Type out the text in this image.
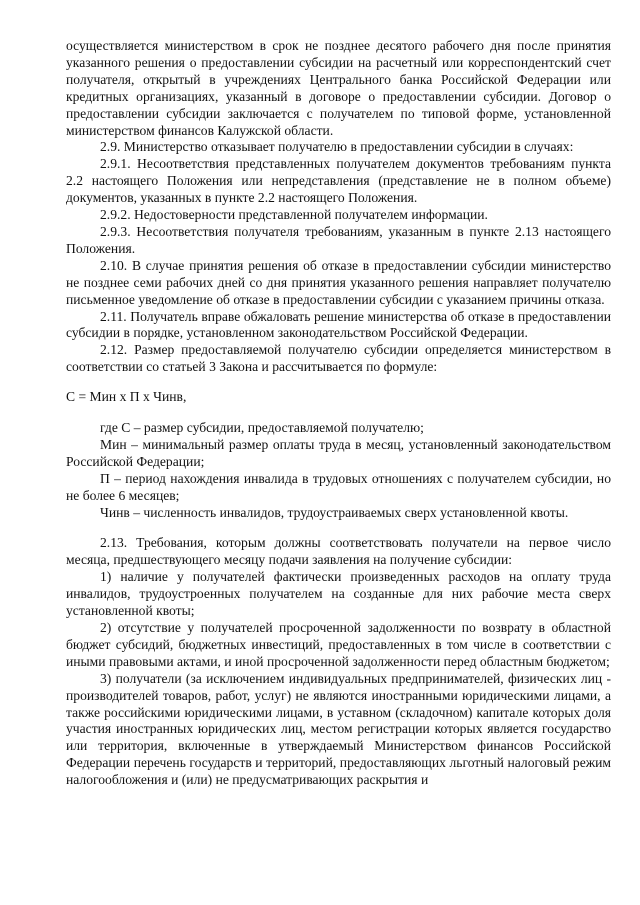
осуществляется министерством в срок не позднее десятого рабочего дня после принятия указанного решения о предоставлении субсидии на расчетный или корреспондентский счет получателя, открытый в учреждениях Центрального банка Российской Федерации или кредитных организациях, указанный в договоре о предоставлении субсидии. Договор о предоставлении субсидии заключается с получателем по типовой форме, установленной министерством финансов Калужской области.

2.9. Министерство отказывает получателю в предоставлении субсидии в случаях:

2.9.1. Несоответствия представленных получателем документов требованиям пункта 2.2 настоящего Положения или непредставления (представление не в полном объеме) документов, указанных в пункте 2.2 настоящего Положения.

2.9.2. Недостоверности представленной получателем информации.

2.9.3. Несоответствия получателя требованиям, указанным в пункте 2.13 настоящего Положения.

2.10. В случае принятия решения об отказе в предоставлении субсидии министерство не позднее семи рабочих дней со дня принятия указанного решения направляет получателю письменное уведомление об отказе в предоставлении субсидии с указанием причины отказа.

2.11. Получатель вправе обжаловать решение министерства об отказе в предоставлении субсидии в порядке, установленном законодательством Российской Федерации.

2.12. Размер предоставляемой получателю субсидии определяется министерством в соответствии со статьей 3 Закона и рассчитывается по формуле:

С = Мин х П х Чинв,

где С – размер субсидии, предоставляемой получателю;

Мин – минимальный размер оплаты труда в месяц, установленный законодательством Российской Федерации;

П – период нахождения инвалида в трудовых отношениях с получателем субсидии, но не более 6 месяцев;

Чинв – численность инвалидов, трудоустраиваемых сверх установленной квоты.

2.13. Требования, которым должны соответствовать получатели на первое число месяца, предшествующего месяцу подачи заявления на получение субсидии:

1) наличие у получателей фактически произведенных расходов на оплату труда инвалидов, трудоустроенных получателем на созданные для них рабочие места сверх установленной квоты;

2) отсутствие у получателей просроченной задолженности по возврату в областной бюджет субсидий, бюджетных инвестиций, предоставленных в том числе в соответствии с иными правовыми актами, и иной просроченной задолженности перед областным бюджетом;

3) получатели (за исключением индивидуальных предпринимателей, физических лиц - производителей товаров, работ, услуг) не являются иностранными юридическими лицами, а также российскими юридическими лицами, в уставном (складочном) капитале которых доля участия иностранных юридических лиц, местом регистрации которых является государство или территория, включенные в утверждаемый Министерством финансов Российской Федерации перечень государств и территорий, предоставляющих льготный налоговый режим налогообложения и (или) не предусматривающих раскрытия и
